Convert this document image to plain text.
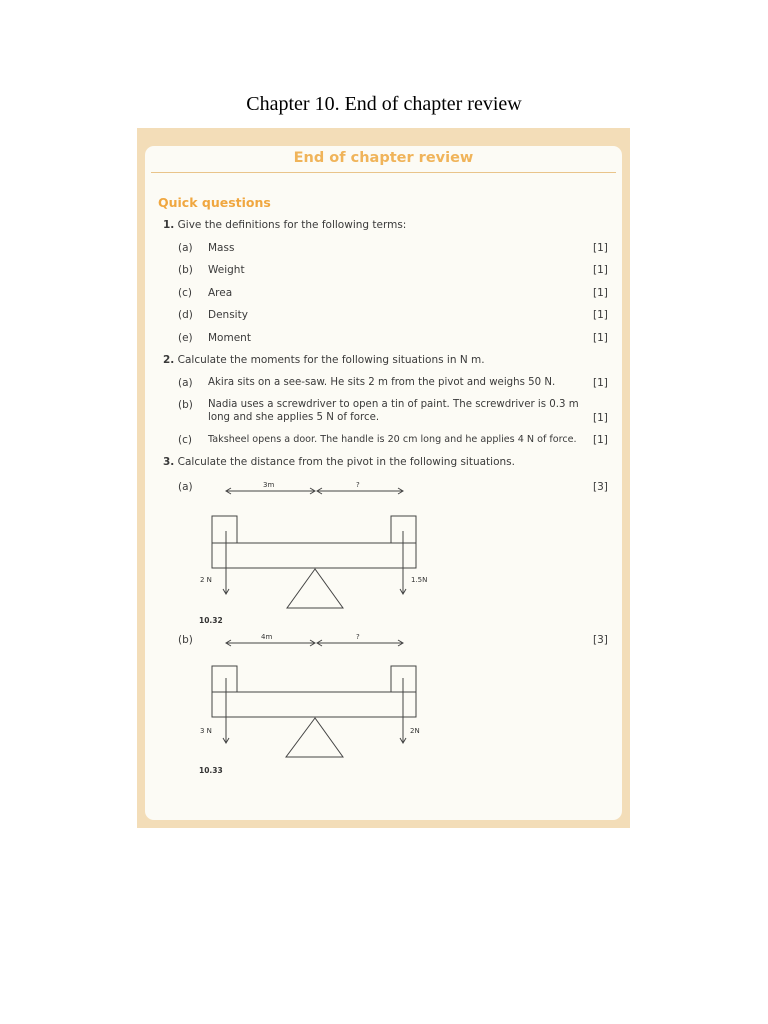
Chapter 10. End of chapter review
End of chapter review
Quick questions
1. Give the definitions for the following terms:
(a) Mass	[1]
(b) Weight	[1]
(c) Area	[1]
(d) Density	[1]
(e) Moment	[1]
2. Calculate the moments for the following situations in N m.
(a) Akira sits on a see-saw. He sits 2 m from the pivot and weighs 50 N.	[1]
(b) Nadia uses a screwdriver to open a tin of paint. The screwdriver is 0.3 m
long and she applies 5 N of force.	[1]
(c) Taksheel opens a door. The handle is 20 cm long and he applies 4 N of force. [1]
3. Calculate the distance from the pivot in the following situations.
(a)	[3]
3m	?
2 N	1.5N
10.32
(b)	[3]
4m	?
3 N	2N
10.33
